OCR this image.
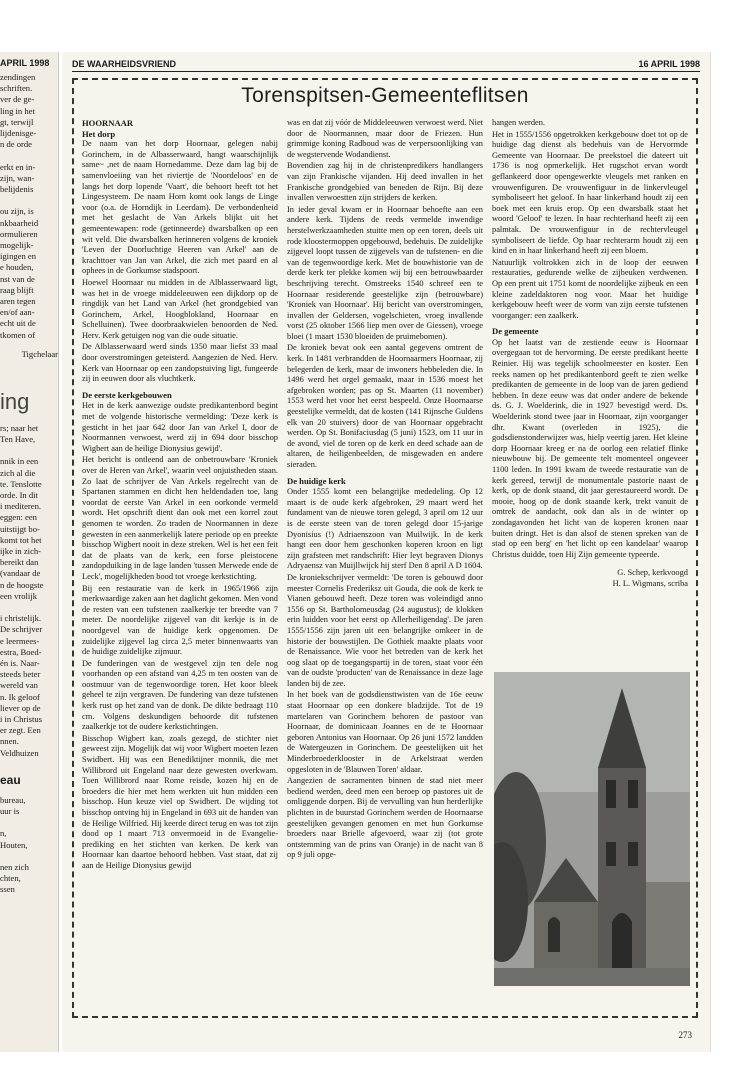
APRIL 1998
zendingen
schriften.
ver de ge-
ling in het
gt, terwijl
lijdenisge-
n de orde
erkt en in-
zijn, wan-
belijdenis
ou zijn, is
nkbaarheid
ormulieren
mogelijk-
igingen en
e houden,
nst van de
raag blijft
aren tegen
en/of aan-
echt uit de
tkomen of
Tigchelaar
ing
rs; naar het
Ten Have,
nnik in een
zich al die
te. Tenslotte
orde. In dit
i mediteren.
eggen: een
uitstijgt bo-
komt tot het
ijke in zich-
bereikt dan
(vandaar de
n de hoogste
een vrolijk
i christelijk.
De schrijver
e leermees-
estra, Boed-
én is. Naar-
steeds beter
wereld van
n. Ik geloof
liever op de
i in Christus
er zegt. Een
nnen.
Veldhuizen
eau
bureau,
uur is
n,
Houten,
nen zich
chten,
ssen
DE WAARHEIDSVRIEND	16 APRIL 1998
Torenspitsen-Gemeenteflitsen
HOORNAAR
Het dorp

De naam van het dorp Hoornaar, gelegen nabij Gorinchem, in de Albasserwaard, hangt waarschijnlijk same~ ,net de naam Hornedamme. Deze dam lag bij de samenvloeiing van het riviertje de 'Noordeloos' en de langs het dorp lopende 'Vaart', die behoort heeft tot het Lingesysteem. De naam Horn komt ook langs de Linge voor (o.a. de Horndijk in Leerdam). De verbondenheid met het geslacht de Van Arkels blijkt uit het gemeentewapen: rode (getinneerde) dwarsbalken op een wit veld. Die dwarsbalken herinneren volgens de kroniek 'Leven der Doorluchtige Heeren van Arkel' aan de krachttoer van Jan van Arkel, die zich met paard en al ophees in de Gorkumse stadspoort.

Hoewel Hoornaar nu midden in de Alblasserwaard ligt, was het in de vroege middeleeuwen een dijkdorp op de ringdijk van het Land van Arkel (het grondgebied van Gorinchem, Arkel, Hoogblokland, Hoornaar en Schelluinen). Twee doorbraakwielen benoorden de Ned. Herv. Kerk getuigen nog van die oude situatie.

De Alblasserwaard werd sinds 1350 maar liefst 33 maal door overstromingen geteisterd. Aangezien de Ned. Herv. Kerk van Hoornaar op een zandopstuiving ligt, fungeerde zij in eeuwen door als vluchtkerk.

De eerste kerkgebouwen

Het in de kerk aanwezige oudste predikantenbord begint met de volgende historische vermelding: 'Deze kerk is gesticht in het jaar 642 door Jan van Arkel I, door de Noormannen verwoest, werd zij in 694 door bisschop Wigbert aan de heilige Dionysius gewijd'.

Het bericht is ontleend aan de onbetrouwbare 'Kroniek over de Heren van Arkel', waarin veel onjuistheden staan. Zo laat de schrijver de Van Arkels regelrecht van de Spartanen stammen en dicht hen heldendaden toe, lang voordat de eerste Van Arkel in een oorkonde vermeld wordt. Het opschrift dient dan ook met een korrel zout genomen te worden. Zo traden de Noormannen in deze gewesten in een aanmerkelijk latere periode op en preekte bisschop Wigbert nooit in deze streken. Wel is het een feit dat de plaats van de kerk, een forse pleistocene zandopduiking in de lage landen 'tussen Merwede ende de Leck', mogelijkheden bood tot vroege kerkstichting.

Bij een restauratie van de kerk in 1965/1966 zijn merkwaardige zaken aan het daglicht gekomen. Men vond de resten van een tufstenen zaalkerkje ter breedte van 7 meter. De noordelijke zijgevel van dit kerkje is in de noordgevel van de huidige kerk opgenomen. De zuidelijke zijgevel lag circa 2,5 meter binnenwaarts van de huidige zuidelijke zijmuur.

De funderingen van de westgevel zijn ten dele nog voorhanden op een afstand van 4,25 m ten oosten van de oostmuur van de tegenwoordige toren. Het koor bleek geheel te zijn vergraven. De fundering van deze tufstenen kerk rust op het zand van de donk. De dikte bedraagt 110 cm. Volgens deskundigen behoorde dit tufstenen zaalkerkje tot de oudere kerkstichtingen.

Bisschop Wigbert kan, zoals gezegd, de stichter niet geweest zijn. Mogelijk dat wij voor Wigbert moeten lezen Swidbert. Hij was een Benediktijner monnik, die met Willibrord uit Engeland naar deze gewesten overkwam. Toen Willibrord naar Rome reisde, kozen hij en de broeders die hier met hem werkten uit hun midden een bisschop. Hun keuze viel op Swidbert. De wijding tot bisschop ontving hij in Engeland in 693 uit de handen van de Heilige Wilfried. Hij keerde direct terug en was tot zijn dood op 1 maart 713 onvermoeid in de Evangelie-prediking en het stichten van kerken. De kerk van Hoornaar kan daartoe behoord hebben. Vast staat, dat zij aan de Heilige Dionysius gewijd

was en dat zij vóór de Middeleeuwen verwoest werd. Niet door de Noormannen, maar door de Friezen. Hun grimmige koning Radboud was de verpersoonlijking van de wegstervende Wodandienst.

Bovendien zag hij in de christenpredikers handlangers van zijn Frankische vijanden. Hij deed invallen in het Frankische grondgebied van beneden de Rijn. Bij deze invallen verwoestten zijn strijders de kerken.

In ieder geval kwam er in Hoornaar behoefte aan een andere kerk. Tijdens de reeds vermelde inwendige herstelwerkzaamheden stuitte men op een toren, deels uit rode kloostermoppen opgebouwd, bedehuis. De zuidelijke zijgevel loopt tussen de zijgevels van de tufstenen- en die van de tegenwoordige kerk. Met de bouwhistorie van de derde kerk ter plekke komen wij bij een betrouwbaarder beschrijving terecht. Omstreeks 1540 schreef een te Hoornaar residerende geestelijke zijn (betrouwbare) 'Kroniek van Hoornaar'. Hij bericht van overstromingen, invallen der Geldersen, vogelschieten, vroeg invallende vorst (25 oktober 1566 liep men over de Giessen), vroege bloei (1 maart 1530 bloeiden de pruimebomen).

De kroniek bevat ook een aantal gegevens omtrent de kerk. In 1481 verbrandden de Hoornaarmers Hoornaar, zij belegerden de kerk, maar de inwoners hebbeleden die. In 1496 werd het orgel gemaakt, maar in 1536 moest het afgebroken worden; pas op St. Maarten (11 november) 1553 werd het voor het eerst bespeeld. Onze Hoornaarse geestelijke vermeldt, dat de kosten (141 Rijnsche Guldens elk van 20 stuivers) door de van Hoornaar opgebracht werden. Op St. Bonifaciusdag (5 juni) 1523, om 11 uur in de avond, viel de toren op de kerk en deed schade aan de altaren, de heiligenbeelden, de misgewaden en andere sieraden.

De huidige kerk

Onder 1555 komt een belangrijke mededeling. Op 12 maart is de oude kerk afgebroken, 29 maart werd het fundament van de nieuwe toren gelegd, 3 april om 12 uur is de eerste steen van de toren gelegd door 15-jarige Dyonisius (!) Adriaenszoon van Muilwijk. In de kerk hangt een door hem geschonken koperen kroon en ligt zijn grafsteen met randschrift: Hier leyt begraven Dionys Adryaensz van Muijllwijck hij sterf Den 8 april A D 1604.

De kroniekschrijver vermeldt: 'De toren is gebouwd door meester Cornelis Frederiksz uit Gouda, die ook de kerk te Vianen gebouwd heeft. Deze toren was voleindigd anno 1556 op St. Bartholomeusdag (24 augustus); de klokken erin luidden voor het eerst op Allerheiligendag'. De jaren 1555/1556 zijn jaren uit een belangrijke omkeer in de historie der bouwstijlen. De Gothiek maakte plaats voor de Renaissance. Wie voor het betreden van de kerk het oog slaat op de toegangspartij in de toren, staat voor één van de oudste 'producten' van de Renaissance in deze lage landen bij de zee.

In het boek van de godsdiensttwisten van de 16e eeuw staat Hoornaar op een donkere bladzijde. Tot de 19 martelaren van Gorinchem behoren de pastoor van Hoornaar, de dominicaan Joannes en de te Hoornaar geboren Antonius van Hoornaar. Op 26 juni 1572 landden de Watergeuzen in Gorinchem. De geestelijken uit het Minderbroederklooster in de Arkelstraat werden opgesloten in de 'Blauwen Toren' aldaar.

Aangezien de sacramenten binnen de stad niet meer bediend werden, deed men een beroep op pastores uit de omliggende dorpen. Bij de vervulling van hun herderlijke plichten in de buurstad Gorinchem werden de Hoornaarse geestelijken gevangen genomen en met hun Gorkumse broeders naar Brielle afgevoerd, waar zij (tot grote ontstemming van de prins van Oranje) in de nacht van 8 op 9 juli opge-

hangen werden.

Het in 1555/1556 opgetrokken kerkgebouw doet tot op de huidige dag dienst als bedehuis van de Hervormde Gemeente van Hoornaar. De preekstoel die dateert uit 1736 is nog opmerkelijk. Het rugschot ervan wordt geflankeerd door opengewerkte vleugels met ranken en vrouwenfiguren. De vrouwenfiguur in de linkervleugel symboliseert het geloof. In haar linkerhand houdt zij een boek met een kruis erop. Op een dwarsbalk staat het woord 'Geloof' te lezen. In haar rechterhand heeft zij een palmtak. De vrouwenfiguur in de rechtervleugel symboliseert de liefde. Op haar rechterarm houdt zij een kind en in haar linkerhand heeft zij een bloem.

Natuurlijk voltrokken zich in de loop der eeuwen restauraties, gedurende welke de zijbeuken verdwenen. Op een prent uit 1751 komt de noordelijke zijbeuk en een kleine zadeldaktoren nog voor. Maar het huidige kerkgebouw heeft weer de vorm van zijn eerste tufstenen voorganger: een zaalkerk.

De gemeente

Op het laatst van de zestiende eeuw is Hoornaar overgegaan tot de hervorming. De eerste predikant heette Reinier. Hij was tegelijk schoolmeester en koster. Een reeks namen op het predikantenbord geeft te zien welke predikanten de gemeente in de loop van de jaren gediend hebben. In deze eeuw was dat onder andere de bekende ds. G. J. Woelderink, die in 1927 bevestigd werd. Ds. Woelderink stond twee jaar in Hoornaar, zijn voorganger dhr. Kwant (overleden in 1925), die godsdienstonderwijzer was, hielp veertig jaren. Het kleine dorp Hoornaar kreeg er na de oorlog een relatief flinke nieuwbouw bij. De gemeente telt momenteel ongeveer 1100 leden. In 1991 kwam de tweede restauratie van de kerk gereed, terwijl de monumentale pastorie naast de kerk, op de donk staand, dit jaar gerestaureerd wordt. De mooie, hoog op de donk staande kerk, trekt vanuit de omtrek de aandacht, ook dan als in de winter op zondagavonden het licht van de koperen kronen naar buiten dringt. Het is dan alsof de stenen spreken van de stad op een berg' en 'het licht op een kandelaar' waarop Christus duidde, toen Hij Zijn gemeente typeerde.

G. Schep, kerkvoogd
H. L. Wigmans, scriba
273
